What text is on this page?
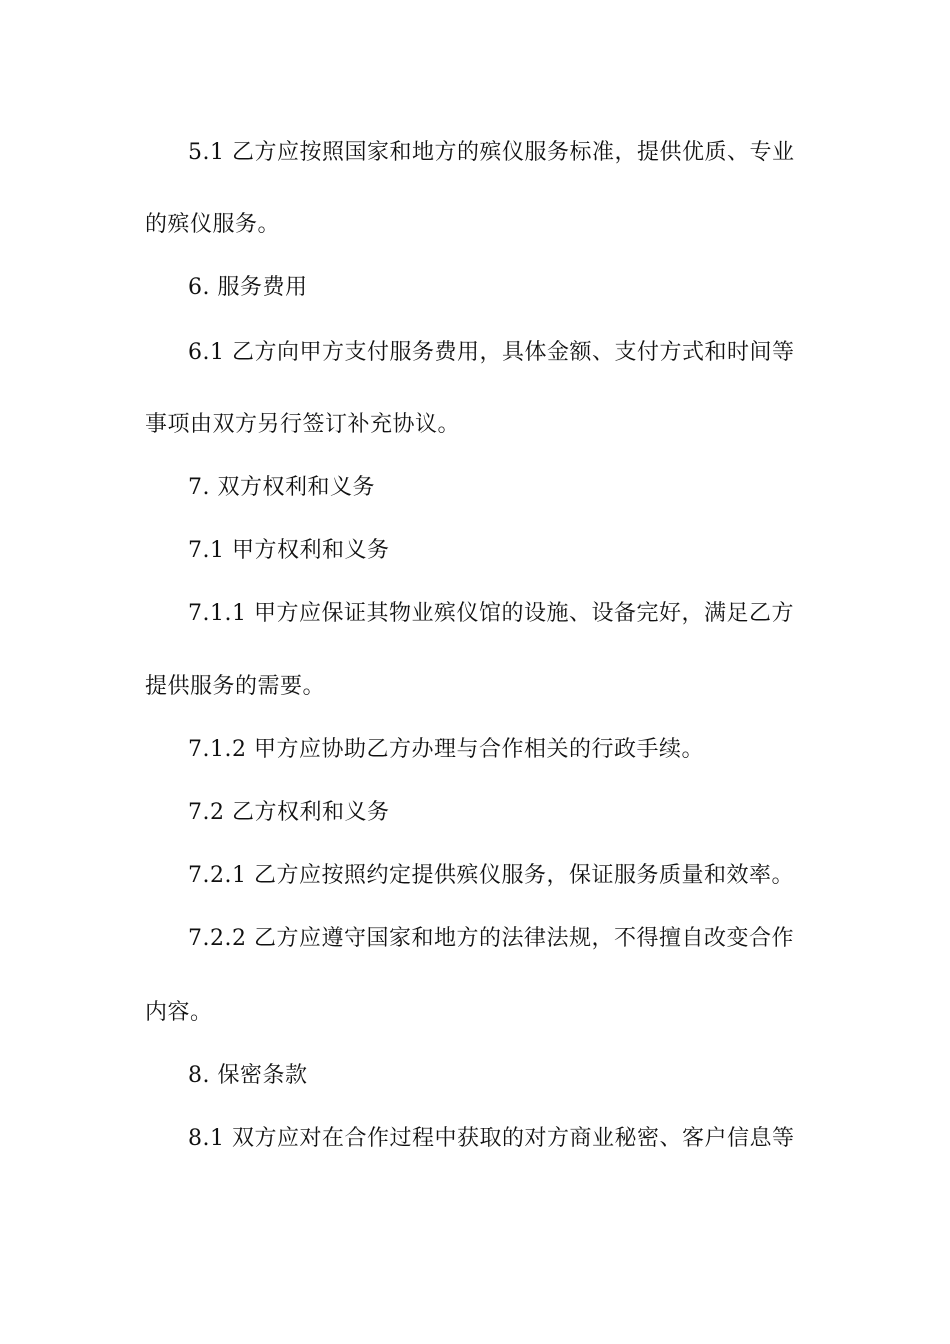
5.1 乙方应按照国家和地方的殡仪服务标准，提供优质、专业

的殡仪服务。

6. 服务费用

6.1 乙方向甲方支付服务费用，具体金额、支付方式和时间等

事项由双方另行签订补充协议。

7. 双方权利和义务

7.1 甲方权利和义务

7.1.1 甲方应保证其物业殡仪馆的设施、设备完好，满足乙方

提供服务的需要。

7.1.2 甲方应协助乙方办理与合作相关的行政手续。

7.2 乙方权利和义务

7.2.1 乙方应按照约定提供殡仪服务，保证服务质量和效率。

7.2.2 乙方应遵守国家和地方的法律法规，不得擅自改变合作

内容。

8. 保密条款

8.1 双方应对在合作过程中获取的对方商业秘密、客户信息等
